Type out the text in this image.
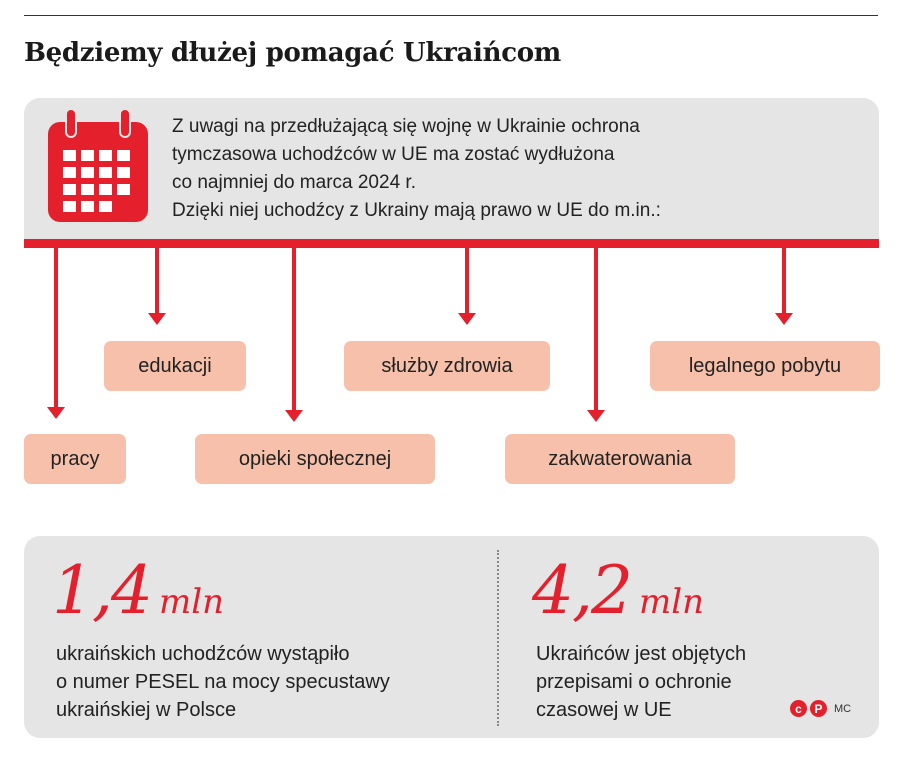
Będziemy dłużej pomagać Ukraińcom
Z uwagi na przedłużającą się wojnę w Ukrainie ochrona
tymczasowa uchodźców w UE ma zostać wydłużona
co najmniej do marca 2024 r.
Dzięki niej uchodźcy z Ukrainy mają prawo w UE do m.in.:
pracy
edukacji
opieki społecznej
służby zdrowia
zakwaterowania
legalnego pobytu
1,4 mln
ukraińskich uchodźców wystąpiło
o numer PESEL na mocy specustawy
ukraińskiej w Polsce
4,2 mln
Ukraińców jest objętych
przepisami o ochronie
czasowej w UE	c	P	MC
